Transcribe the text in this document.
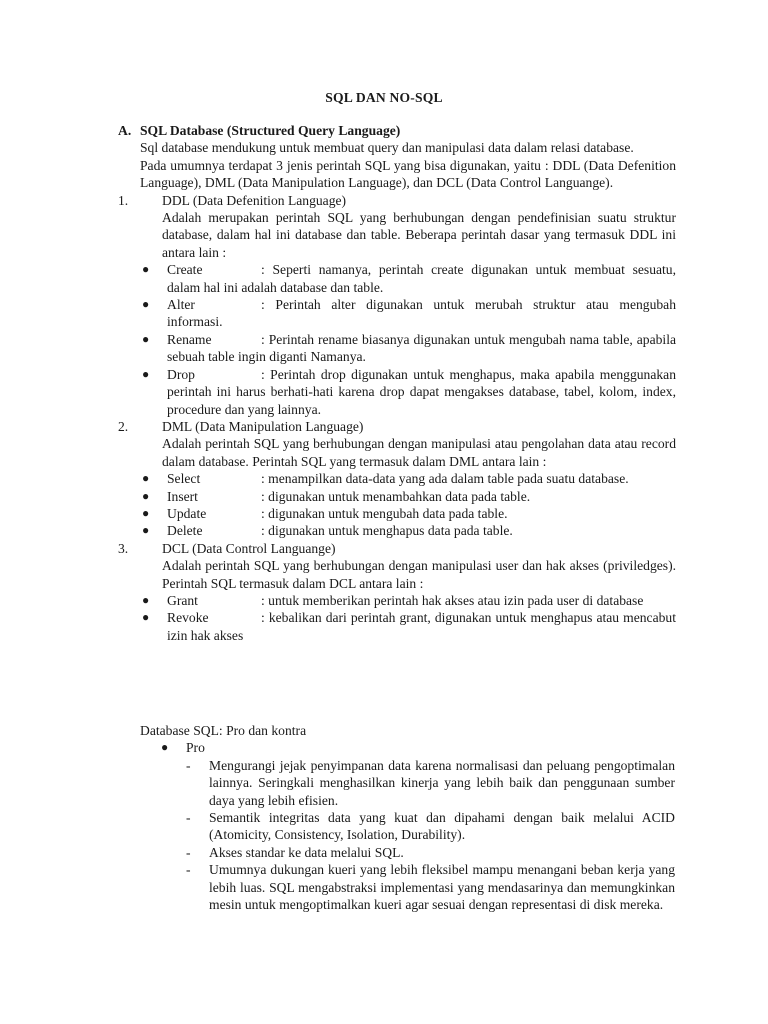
SQL DAN NO-SQL
A. SQL Database (Structured Query Language)
Sql database mendukung untuk membuat query dan manipulasi data dalam relasi database.
Pada umumnya terdapat 3 jenis perintah SQL yang bisa digunakan, yaitu : DDL (Data Defenition Language), DML (Data Manipulation Language), dan DCL (Data Control Languange).
1.	DDL (Data Defenition Language)
Adalah merupakan perintah SQL yang berhubungan dengan pendefinisian suatu struktur database, dalam hal ini database dan table. Beberapa perintah dasar yang termasuk DDL ini antara lain :
● Create	: Seperti namanya, perintah create digunakan untuk membuat sesuatu, dalam hal ini adalah database dan table.
● Alter	: Perintah alter digunakan untuk merubah struktur atau mengubah informasi.
● Rename	: Perintah rename biasanya digunakan untuk mengubah nama table, apabila sebuah table ingin diganti Namanya.
● Drop	: Perintah drop digunakan untuk menghapus, maka apabila menggunakan perintah ini harus berhati-hati karena drop dapat mengakses database, tabel, kolom, index, procedure dan yang lainnya.
2.	DML (Data Manipulation Language)
Adalah perintah SQL yang berhubungan dengan manipulasi atau pengolahan data atau record dalam database. Perintah SQL yang termasuk dalam DML antara lain :
● Select	: menampilkan data-data yang ada dalam table pada suatu database.
● Insert	: digunakan untuk menambahkan data pada table.
● Update	: digunakan untuk mengubah data pada table.
● Delete	: digunakan untuk menghapus data pada table.
3.	DCL (Data Control Languange)
Adalah perintah SQL yang berhubungan dengan manipulasi user dan hak akses (priviledges). Perintah SQL termasuk dalam DCL antara lain :
● Grant	: untuk memberikan perintah hak akses atau izin pada user di database
● Revoke	: kebalikan dari perintah grant, digunakan untuk menghapus atau mencabut izin hak akses
Database SQL: Pro dan kontra
● Pro
- Mengurangi jejak penyimpanan data karena normalisasi dan peluang pengoptimalan lainnya. Seringkali menghasilkan kinerja yang lebih baik dan penggunaan sumber daya yang lebih efisien.
- Semantik integritas data yang kuat dan dipahami dengan baik melalui ACID (Atomicity, Consistency, Isolation, Durability).
- Akses standar ke data melalui SQL.
- Umumnya dukungan kueri yang lebih fleksibel mampu menangani beban kerja yang lebih luas. SQL mengabstraksi implementasi yang mendasarinya dan memungkinkan mesin untuk mengoptimalkan kueri agar sesuai dengan representasi di disk mereka.
